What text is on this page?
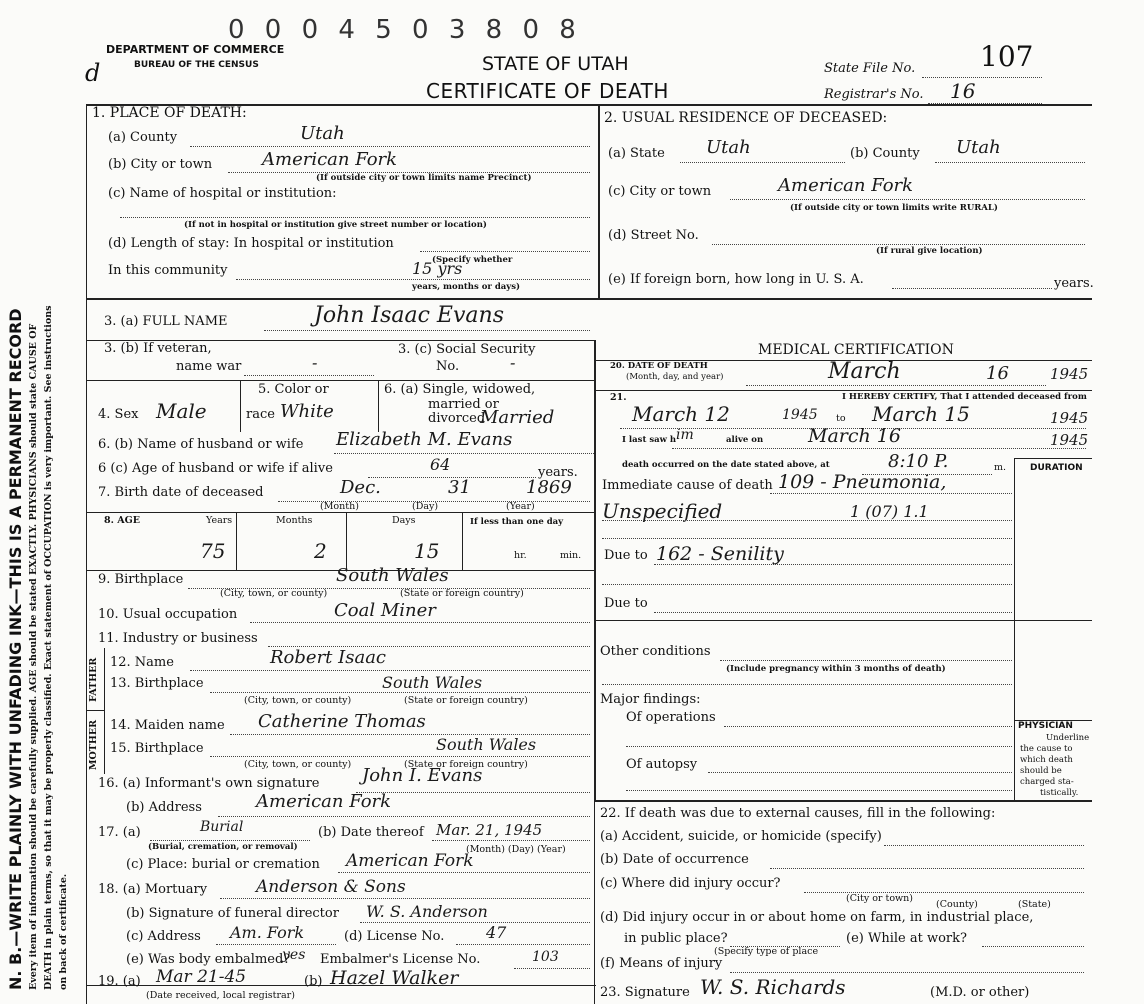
0 0 0 4 5 0 3 8 0 8
DEPARTMENT OF COMMERCE
BUREAU OF THE CENSUS
d	STATE OF UTAH
CERTIFICATE OF DEATH
State File No. 107
Registrar's No. 16
N. B.—WRITE PLAINLY WITH UNFADING INK—THIS IS A PERMANENT RECORD Every item of information should be carefully supplied. AGE should be stated EXACTLY. PHYSICIANS should state CAUSE OF DEATH in plain terms, so that it may be properly classified. Exact statement of OCCUPATION is very important. See instructions on back of certificate.
1. PLACE OF DEATH:
(a) County	Utah
(b) City or town	American Fork
(If outside city or town limits name Precinct)
(c) Name of hospital or institution:
(If not in hospital or institution give street number or location)
(d) Length of stay: In hospital or institution
(Specify whether
In this community	15 yrs
years, months or days)
2. USUAL RESIDENCE OF DECEASED:
(a) State Utah	(b) County Utah
(c) City or town	American Fork
(If outside city or town limits write RURAL)
(d) Street No.
(If rural give location)
(e) If foreign born, how long in U. S. A.	years.
3. (a) FULL NAME	John Isaac Evans
3. (b) If veteran,
name war	-
3. (c) Social Security
No.	-
5. Color or
race White
4. Sex Male
6. (a) Single, widowed,
married or
divorced
Married
6. (b) Name of husband or wife Elizabeth M. Evans
6 (c) Age of husband or wife if alive	64	years.
7. Birth date of deceased	Dec.	31	1869
(Month)	(Day)	(Year)
8. AGE	Years	Months	Days	If less than one day
75	2	15	hr.	min.
9. Birthplace	South Wales
(City, town, or county)	(State or foreign country)
10. Usual occupation	Coal Miner
11. Industry or business
FATHER
MOTHER
12. Name	Robert Isaac
13. Birthplace	South Wales
(City, town, or county)	(State or foreign country)
14. Maiden name Catherine Thomas
15. Birthplace	South Wales
(City, town, or county)	(State or foreign country)
16. (a) Informant's own signature John I. Evans
(b) Address	American Fork
17. (a)	Burial
(Burial, cremation, or removal)
(b) Date thereof Mar. 21, 1945
(Month) (Day) (Year)
(c) Place: burial or cremation American Fork
18. (a) Mortuary	Anderson & Sons
(b) Signature of funeral director W. S. Anderson
(c) Address Am. Fork	(d) License No.	47
(e) Was body embalmed?
yes Embalmer's License No.	103
19. (a) Mar 21-45	(b) Hazel Walker
(Date received, local registrar)
MEDICAL CERTIFICATION
20. DATE OF DEATH
(Month, day, and year)	March	16	1945
21.	I HEREBY CERTIFY, That I attended deceased from
March 12	1945 to March 15	1945
I last saw h im	alive on March 16	1945
death occurred on the date stated above, at	8:10 P.	m.	DURATION
Immediate cause of death 109 - Pneumonia,
Unspecified	1 (07) 1.1
Due to 162 - Senility
Due to
Other conditions
(Include pregnancy within 3 months of death)
Major findings:
Of operations
Of autopsy
PHYSICIAN
Underline
the cause to
which death
should be
charged sta-
tistically.
22. If death was due to external causes, fill in the following:
(a) Accident, suicide, or homicide (specify)
(b) Date of occurrence
(c) Where did injury occur?
(City or town)
(County)	(State)
(d) Did injury occur in or about home on farm, in industrial place,
in public place?	(e) While at work?
(Specify type of place
(f) Means of injury
23. Signature W. S. Richards	(M.D. or other)
